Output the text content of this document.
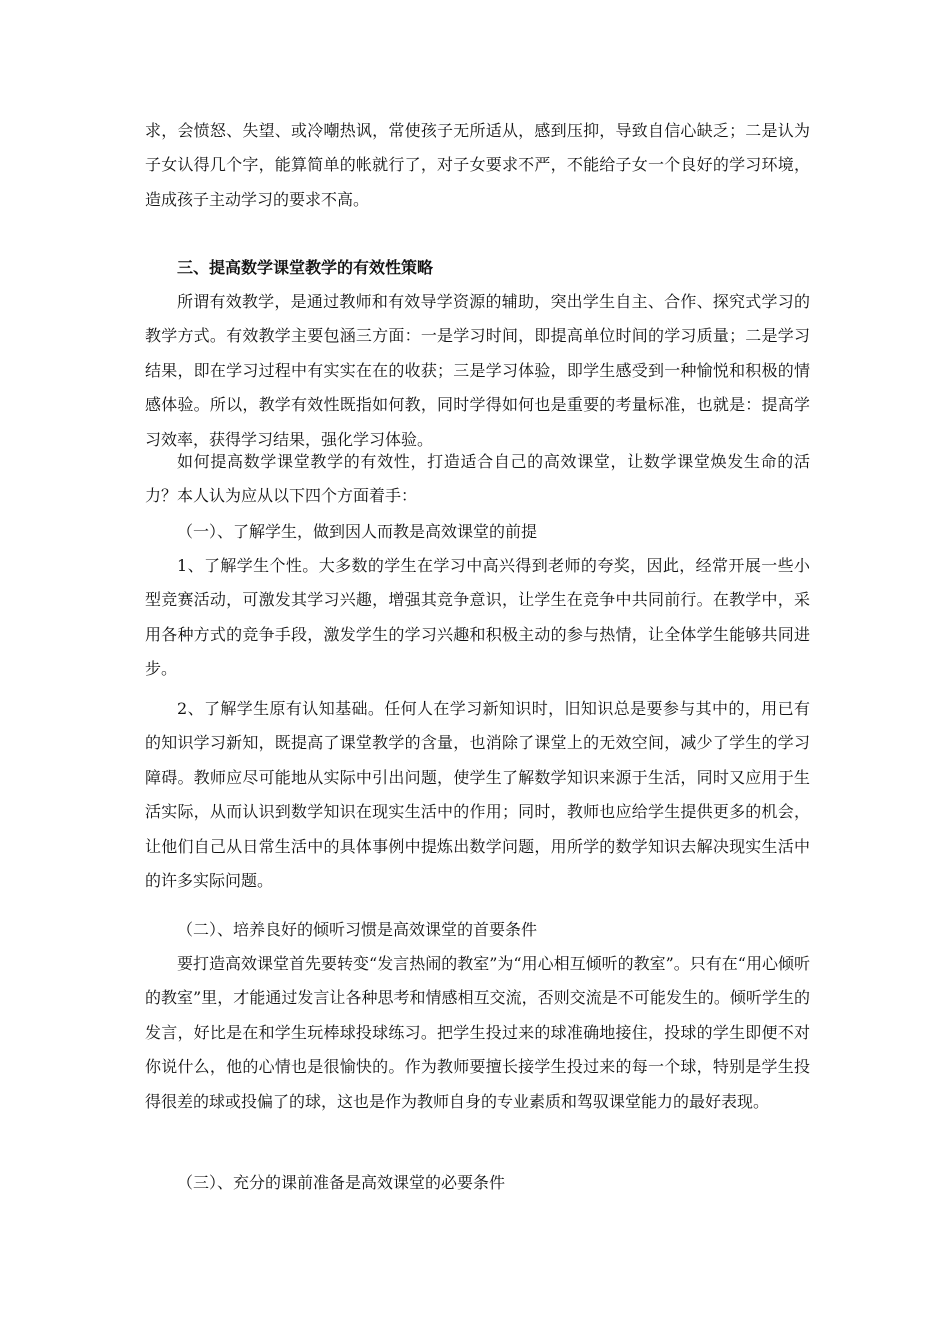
求，会愤怒、失望、或冷嘲热讽，常使孩子无所适从，感到压抑，导致自信心缺乏；二是认为子女认得几个字，能算简单的帐就行了，对子女要求不严，不能给子女一个良好的学习环境，造成孩子主动学习的要求不高。

三、提高数学课堂教学的有效性策略

所谓有效教学，是通过教师和有效导学资源的辅助，突出学生自主、合作、探究式学习的教学方式。有效教学主要包涵三方面：一是学习时间，即提高单位时间的学习质量；二是学习结果，即在学习过程中有实实在在的收获；三是学习体验，即学生感受到一种愉悦和积极的情感体验。所以，教学有效性既指如何教，同时学得如何也是重要的考量标准，也就是：提高学习效率，获得学习结果，强化学习体验。

如何提高数学课堂教学的有效性，打造适合自己的高效课堂，让数学课堂焕发生命的活力？本人认为应从以下四个方面着手：

（一）、了解学生，做到因人而教是高效课堂的前提

1、了解学生个性。大多数的学生在学习中高兴得到老师的夸奖，因此，经常开展一些小型竞赛活动，可激发其学习兴趣，增强其竞争意识，让学生在竞争中共同前行。在教学中，采用各种方式的竞争手段，激发学生的学习兴趣和积极主动的参与热情，让全体学生能够共同进步。

2、了解学生原有认知基础。任何人在学习新知识时，旧知识总是要参与其中的，用已有的知识学习新知，既提高了课堂教学的含量，也消除了课堂上的无效空间，减少了学生的学习障碍。教师应尽可能地从实际中引出问题，使学生了解数学知识来源于生活，同时又应用于生活实际，从而认识到数学知识在现实生活中的作用；同时，教师也应给学生提供更多的机会，让他们自己从日常生活中的具体事例中提炼出数学问题，用所学的数学知识去解决现实生活中的许多实际问题。

（二）、培养良好的倾听习惯是高效课堂的首要条件

要打造高效课堂首先要转变“发言热闹的教室”为“用心相互倾听的教室”。只有在“用心倾听的教室”里，才能通过发言让各种思考和情感相互交流，否则交流是不可能发生的。倾听学生的发言，好比是在和学生玩棒球投球练习。把学生投过来的球准确地接住，投球的学生即便不对你说什么，他的心情也是很愉快的。作为教师要擅长接学生投过来的每一个球，特别是学生投得很差的球或投偏了的球，这也是作为教师自身的专业素质和驾驭课堂能力的最好表现。

（三）、充分的课前准备是高效课堂的必要条件
